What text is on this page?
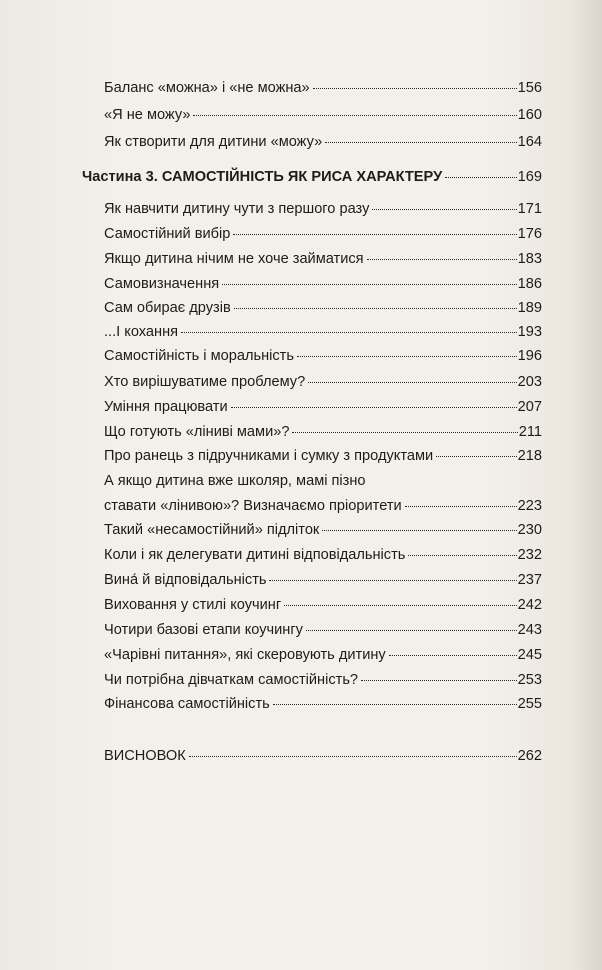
Баланс «можна» і «не можна»	156
«Я не можу»	160
Як створити для дитини «можу»	164
Частина 3. САМОСТІЙНІСТЬ ЯК РИСА ХАРАКТЕРУ	169
Як навчити дитину чути з першого разу	171
Самостійний вибір	176
Якщо дитина нічим не хоче займатися	183
Самовизначення	186
Сам обирає друзів	189
...І кохання	193
Самостійність і моральність	196
Хто вирішуватиме проблему?	203
Уміння працювати	207
Що готують «ліниві мами»?	211
Про ранець з підручниками і сумку з продуктами	218
А якщо дитина вже школяр, мамі пізно
ставати «лінивою»? Визначаємо пріоритети	223
Такий «несамостійний» підліток	230
Коли і як делегувати дитині відповідальність	232
Вина́ й відповідальність	237
Виховання у стилі коучинг	242
Чотири базові етапи коучингу	243
«Чарівні питання», які скеровують дитину	245
Чи потрібна дівчаткам самостійність?	253
Фінансова самостійність	255
ВИСНОВОК	262
